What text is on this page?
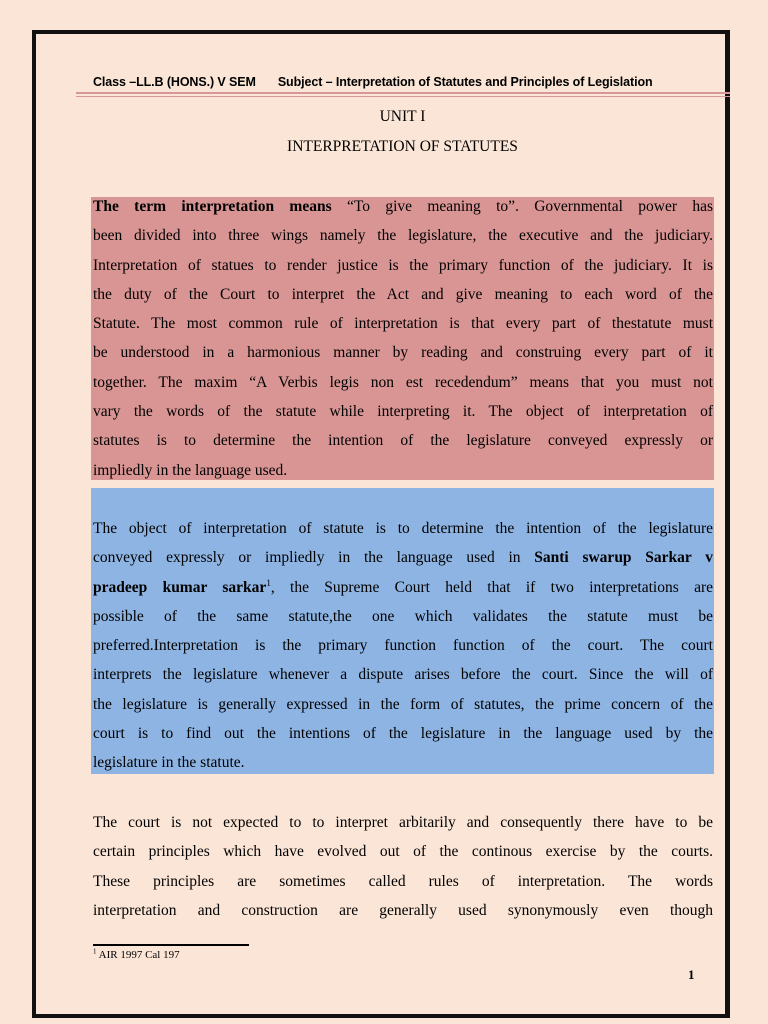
Class –LL.B (HONS.) V SEM Subject – Interpretation of Statutes and Principles of Legislation
UNIT I
INTERPRETATION OF STATUTES
The term interpretation means “To give meaning to”. Governmental power has
been divided into three wings namely the legislature, the executive and the judiciary.
Interpretation of statues to render justice is the primary function of the judiciary. It is
the duty of the Court to interpret the Act and give meaning to each word of the
Statute. The most common rule of interpretation is that every part of thestatute must
be understood in a harmonious manner by reading and construing every part of it
together. The maxim “A Verbis legis non est recedendum” means that you must not
vary the words of the statute while interpreting it. The object of interpretation of
statutes is to determine the intention of the legislature conveyed expressly or
impliedly in the language used.
The object of interpretation of statute is to determine the intention of the legislature
conveyed expressly or impliedly in the language used in Santi swarup Sarkar v
pradeep kumar sarkar$^1$, the Supreme Court held that if two interpretations are
possible of the same statute,the one which validates the statute must be
preferred.Interpretation is the primary function function of the court. The court
interprets the legislature whenever a dispute arises before the court. Since the will of
the legislature is generally expressed in the form of statutes, the prime concern of the
court is to find out the intentions of the legislature in the language used by the
legislature in the statute.
The court is not expected to to interpret arbitarily and consequently there have to be
certain principles which have evolved out of the continous exercise by the courts.
These principles are sometimes called rules of interpretation. The words
interpretation and construction are generally used synonymously even though
$^1$ AIR 1997 Cal 197
1
